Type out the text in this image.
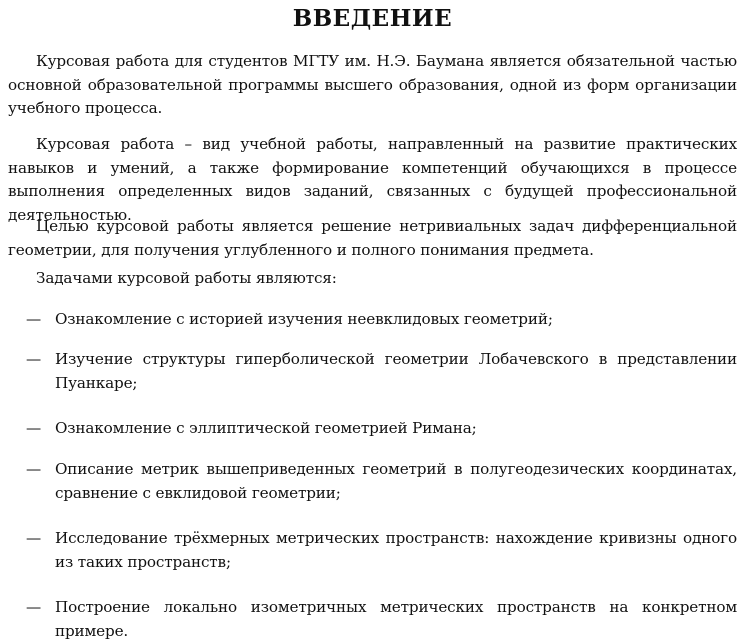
ВВЕДЕНИЕ

Курсовая работа для студентов МГТУ им. Н.Э. Баумана является обязательной частью основной образовательной программы высшего образования, одной из форм организации учебного процесса.

Курсовая работа – вид учебной работы, направленный на развитие практических навыков и умений, а также формирование компетенций обучающихся в процессе выполнения определенных видов заданий, связанных с будущей профессиональной деятельностью.

Целью курсовой работы является решение нетривиальных задач дифференциальной геометрии, для получения углубленного и полного понимания предмета.

Задачами курсовой работы являются:

— Ознакомление с историей изучения неевклидовых геометрий;
— Изучение структуры гиперболической геометрии Лобачевского в представлении Пуанкаре;
— Ознакомление с эллиптической геометрией Римана;
— Описание метрик вышеприведенных геометрий в полугеодезических координатах, сравнение с евклидовой геометрии;
— Исследование трёхмерных метрических пространств: нахождение кривизны одного из таких пространств;
— Построение локально изометричных метрических пространств на конкретном примере.
